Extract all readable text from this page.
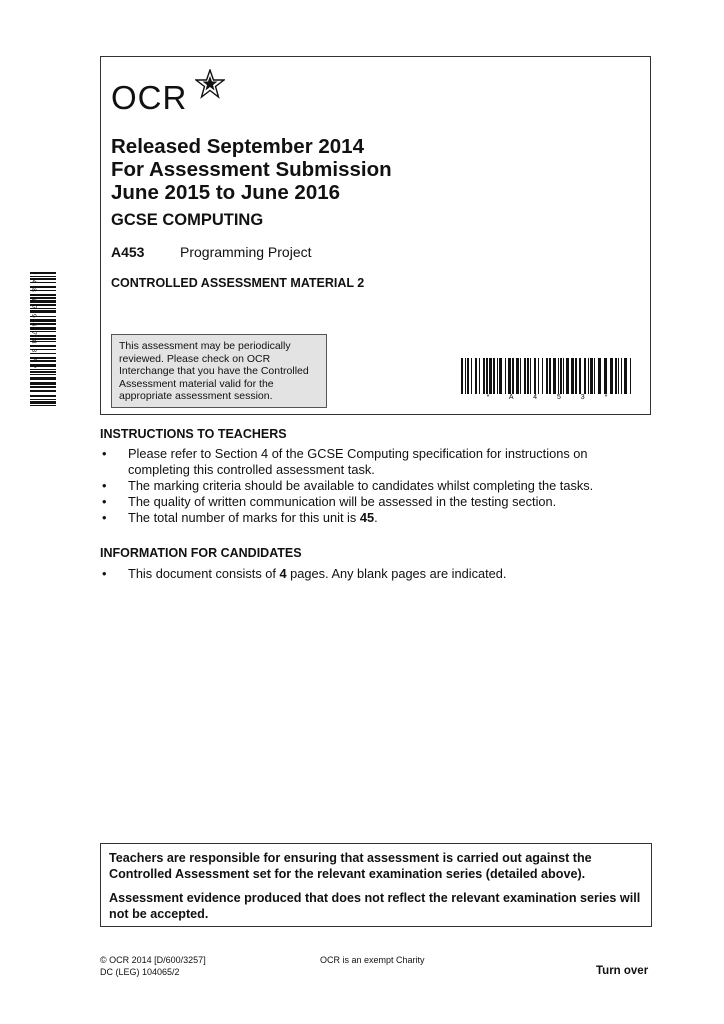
* 4 8 6 7 9 4 7 8 3 7 *
OCR
Released September 2014
For Assessment Submission
June 2015 to June 2016
GCSE COMPUTING
A453	Programming Project
CONTROLLED ASSESSMENT MATERIAL 2
This assessment may be periodically reviewed. Please check on OCR Interchange that you have the Controlled Assessment material valid for the appropriate assessment session.	* A 4 5 3 *
INSTRUCTIONS TO TEACHERS
• Please refer to Section 4 of the GCSE Computing specification for instructions on completing this controlled assessment task.
• The marking criteria should be available to candidates whilst completing the tasks.
• The quality of written communication will be assessed in the testing section.
• The total number of marks for this unit is 45.
INFORMATION FOR CANDIDATES
• This document consists of 4 pages. Any blank pages are indicated.

Teachers are responsible for ensuring that assessment is carried out against the Controlled Assessment set for the relevant examination series (detailed above).

Assessment evidence produced that does not reflect the relevant examination series will not be accepted.

© OCR 2014 [D/600/3257]
DC (LEG) 104065/2
OCR is an exempt Charity
Turn over
